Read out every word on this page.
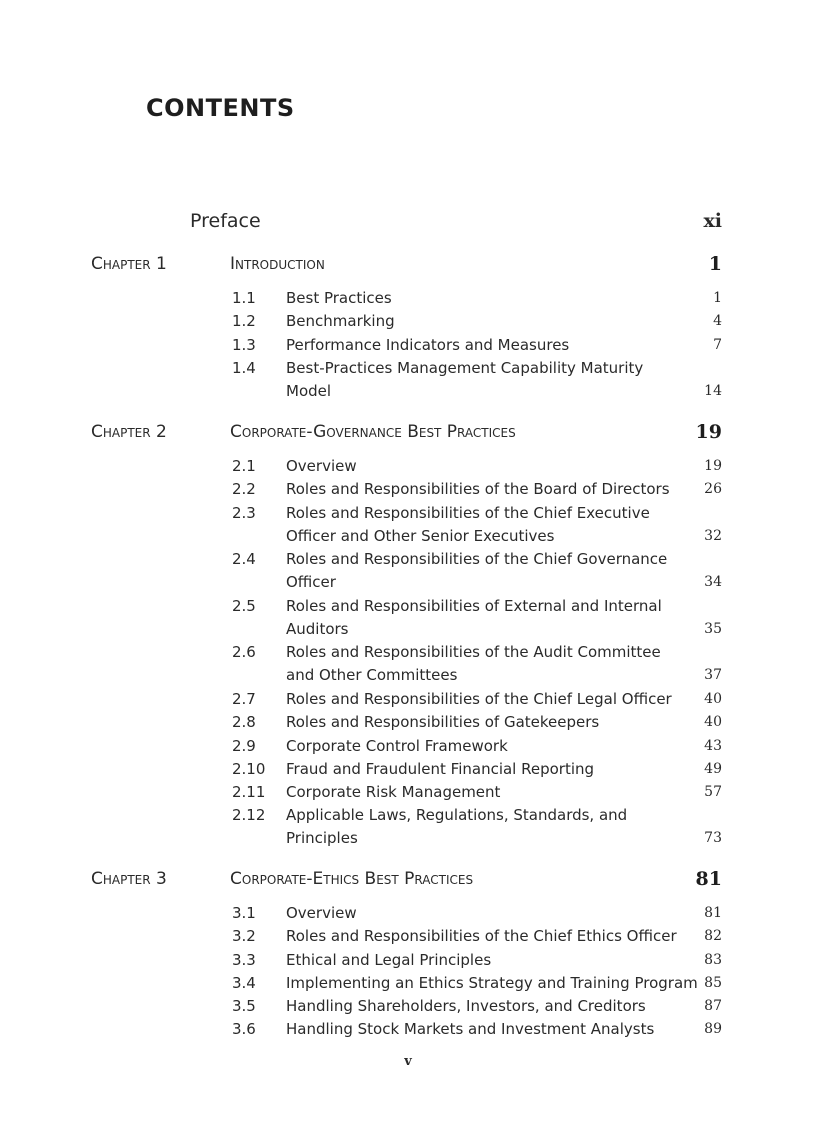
CONTENTS
Preface	xi
Chapter 1	Introduction	1
1.1 Best Practices	1
1.2 Benchmarking	4
1.3 Performance Indicators and Measures	7
1.4 Best-Practices Management Capability Maturity
Model	14
Chapter 2	Corporate-Governance Best Practices	19
2.1 Overview	19
2.2 Roles and Responsibilities of the Board of Directors 26
2.3 Roles and Responsibilities of the Chief Executive
Officer and Other Senior Executives	32
2.4 Roles and Responsibilities of the Chief Governance
Officer	34
2.5 Roles and Responsibilities of External and Internal
Auditors	35
2.6 Roles and Responsibilities of the Audit Committee
and Other Committees	37
2.7 Roles and Responsibilities of the Chief Legal Officer 40
2.8 Roles and Responsibilities of Gatekeepers	40
2.9 Corporate Control Framework	43
2.10 Fraud and Fraudulent Financial Reporting	49
2.11 Corporate Risk Management	57
2.12 Applicable Laws, Regulations, Standards, and
Principles	73
Chapter 3	Corporate-Ethics Best Practices	81
3.1 Overview	81
3.2 Roles and Responsibilities of the Chief Ethics Officer 82
3.3 Ethical and Legal Principles	83
3.4 Implementing an Ethics Strategy and Training Program 85
3.5 Handling Shareholders, Investors, and Creditors	87
3.6 Handling Stock Markets and Investment Analysts	89
v
